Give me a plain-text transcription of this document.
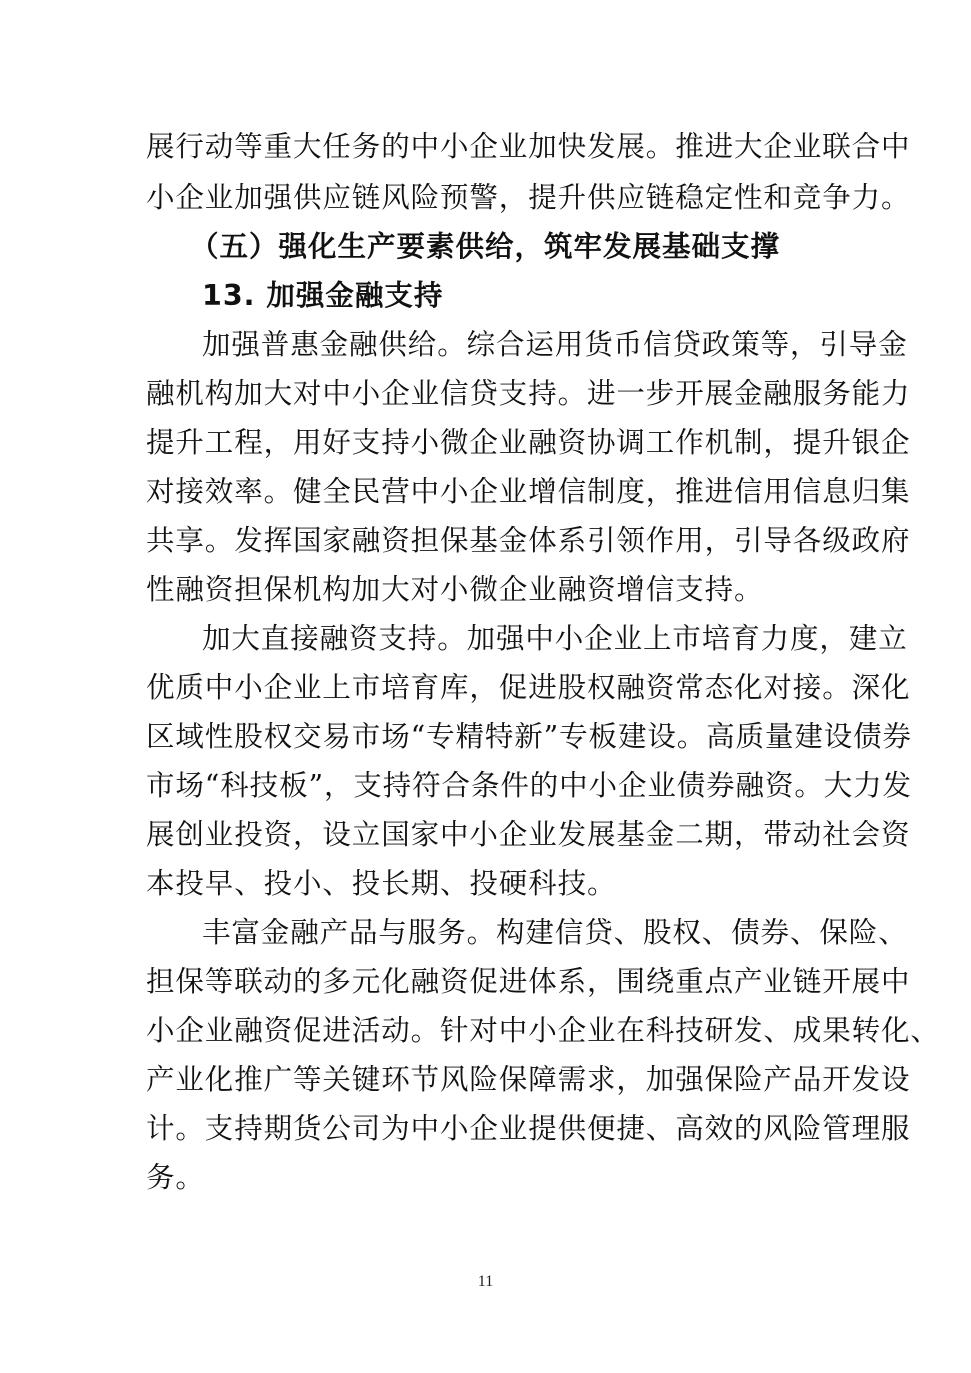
展行动等重大任务的中小企业加快发展。推进大企业联合中
小企业加强供应链风险预警，提升供应链稳定性和竞争力。
（五）强化生产要素供给，筑牢发展基础支撑
13. 加强金融支持
加强普惠金融供给。综合运用货币信贷政策等，引导金
融机构加大对中小企业信贷支持。进一步开展金融服务能力
提升工程，用好支持小微企业融资协调工作机制，提升银企
对接效率。健全民营中小企业增信制度，推进信用信息归集
共享。发挥国家融资担保基金体系引领作用，引导各级政府
性融资担保机构加大对小微企业融资增信支持。
加大直接融资支持。加强中小企业上市培育力度，建立
优质中小企业上市培育库，促进股权融资常态化对接。深化
区域性股权交易市场“专精特新”专板建设。高质量建设债券
市场“科技板”，支持符合条件的中小企业债券融资。大力发
展创业投资，设立国家中小企业发展基金二期，带动社会资
本投早、投小、投长期、投硬科技。
丰富金融产品与服务。构建信贷、股权、债券、保险、
担保等联动的多元化融资促进体系，围绕重点产业链开展中
小企业融资促进活动。针对中小企业在科技研发、成果转化、
产业化推广等关键环节风险保障需求，加强保险产品开发设
计。支持期货公司为中小企业提供便捷、高效的风险管理服
务。
11
